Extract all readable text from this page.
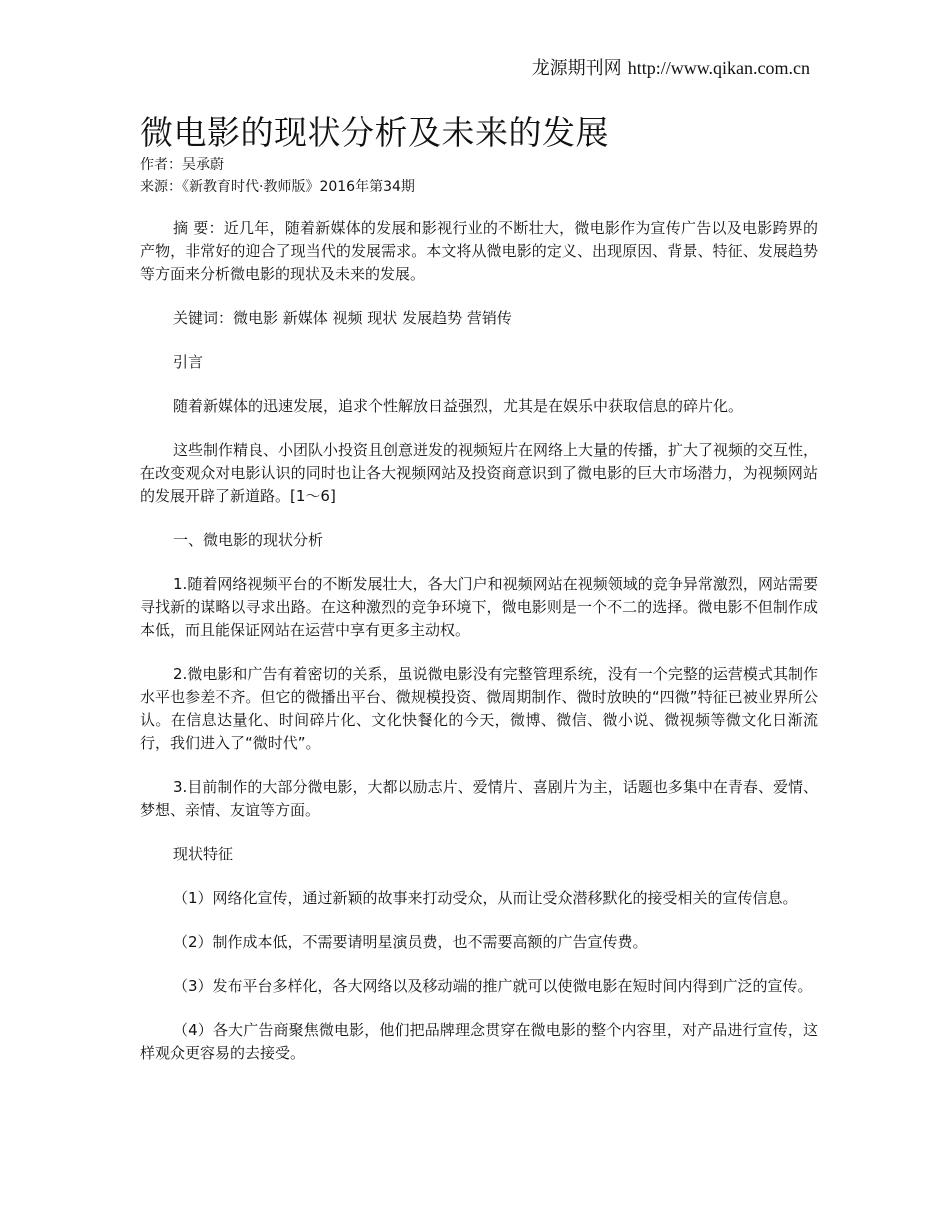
龙源期刊网 http://www.qikan.com.cn
微电影的现状分析及未来的发展
作者：吴承蔚
来源：《新教育时代·教师版》2016年第34期

摘 要：近几年，随着新媒体的发展和影视行业的不断壮大，微电影作为宣传广告以及电影跨界的产物，非常好的迎合了现当代的发展需求。本文将从微电影的定义、出现原因、背景、特征、发展趋势等方面来分析微电影的现状及未来的发展。

关键词：微电影 新媒体 视频 现状 发展趋势 营销传

引言

随着新媒体的迅速发展，追求个性解放日益强烈，尤其是在娱乐中获取信息的碎片化。

这些制作精良、小团队小投资且创意迸发的视频短片在网络上大量的传播，扩大了视频的交互性，在改变观众对电影认识的同时也让各大视频网站及投资商意识到了微电影的巨大市场潜力，为视频网站的发展开辟了新道路。[1～6]

一、微电影的现状分析

1.随着网络视频平台的不断发展壮大，各大门户和视频网站在视频领域的竞争异常激烈，网站需要寻找新的谋略以寻求出路。在这种激烈的竞争环境下，微电影则是一个不二的选择。微电影不但制作成本低，而且能保证网站在运营中享有更多主动权。

2.微电影和广告有着密切的关系，虽说微电影没有完整管理系统，没有一个完整的运营模式其制作水平也参差不齐。但它的微播出平台、微规模投资、微周期制作、微时放映的“四微”特征已被业界所公认。在信息达量化、时间碎片化、文化快餐化的今天，微博、微信、微小说、微视频等微文化日渐流行，我们进入了“微时代”。

3.目前制作的大部分微电影，大都以励志片、爱情片、喜剧片为主，话题也多集中在青春、爱情、梦想、亲情、友谊等方面。

现状特征

（1）网络化宣传，通过新颖的故事来打动受众，从而让受众潜移默化的接受相关的宣传信息。

（2）制作成本低，不需要请明星演员费，也不需要高额的广告宣传费。

（3）发布平台多样化，各大网络以及移动端的推广就可以使微电影在短时间内得到广泛的宣传。

（4）各大广告商聚焦微电影，他们把品牌理念贯穿在微电影的整个内容里，对产品进行宣传，这样观众更容易的去接受。
